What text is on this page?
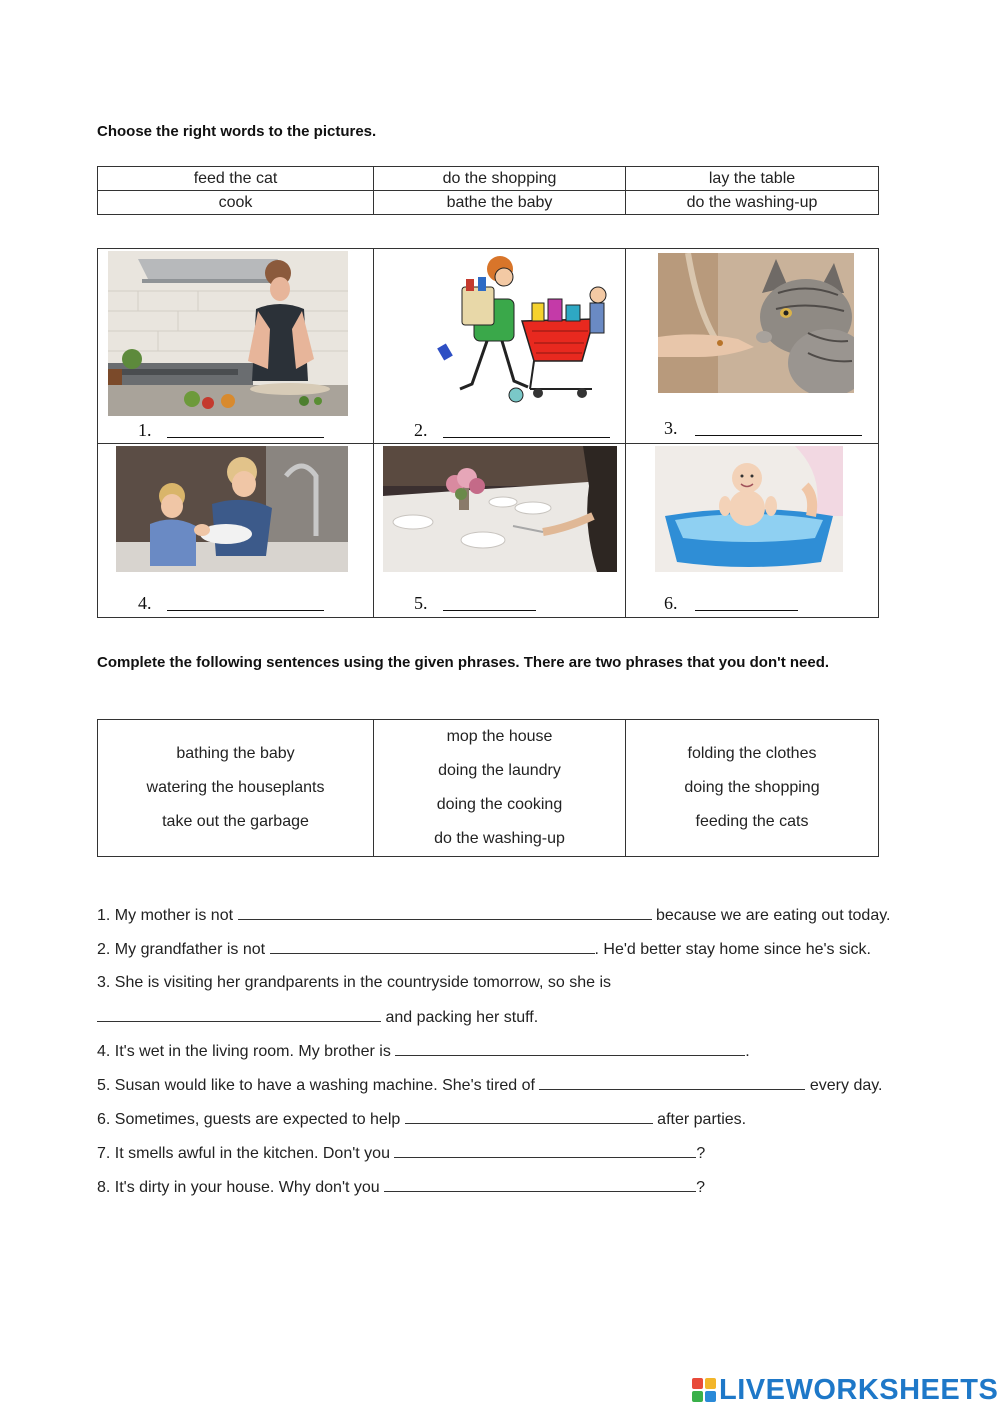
Choose the right words to the pictures.
feed the cat	do the shopping	lay the table
cook	bathe the baby	do the washing-up
1.	2.	3.

4.	5.	6.
Complete the following sentences using the given phrases. There are two phrases that you don't need.
bathing the baby
watering the houseplants
take out the garbage

mop the house
doing the laundry
doing the cooking
do the washing-up

folding the clothes
doing the shopping
feeding the cats
1. My mother is not	because we are eating out today.
2. My grandfather is not	. He'd better stay home since he's sick.
3. She is visiting her grandparents in the countryside tomorrow, so she is
and packing her stuff.
4. It's wet in the living room. My brother is	.
5. Susan would like to have a washing machine. She's tired of	every day.
6. Sometimes, guests are expected to help	after parties.
7. It smells awful in the kitchen. Don't you	?
8. It's dirty in your house. Why don't you	?
LIVEWORKSHEETS
